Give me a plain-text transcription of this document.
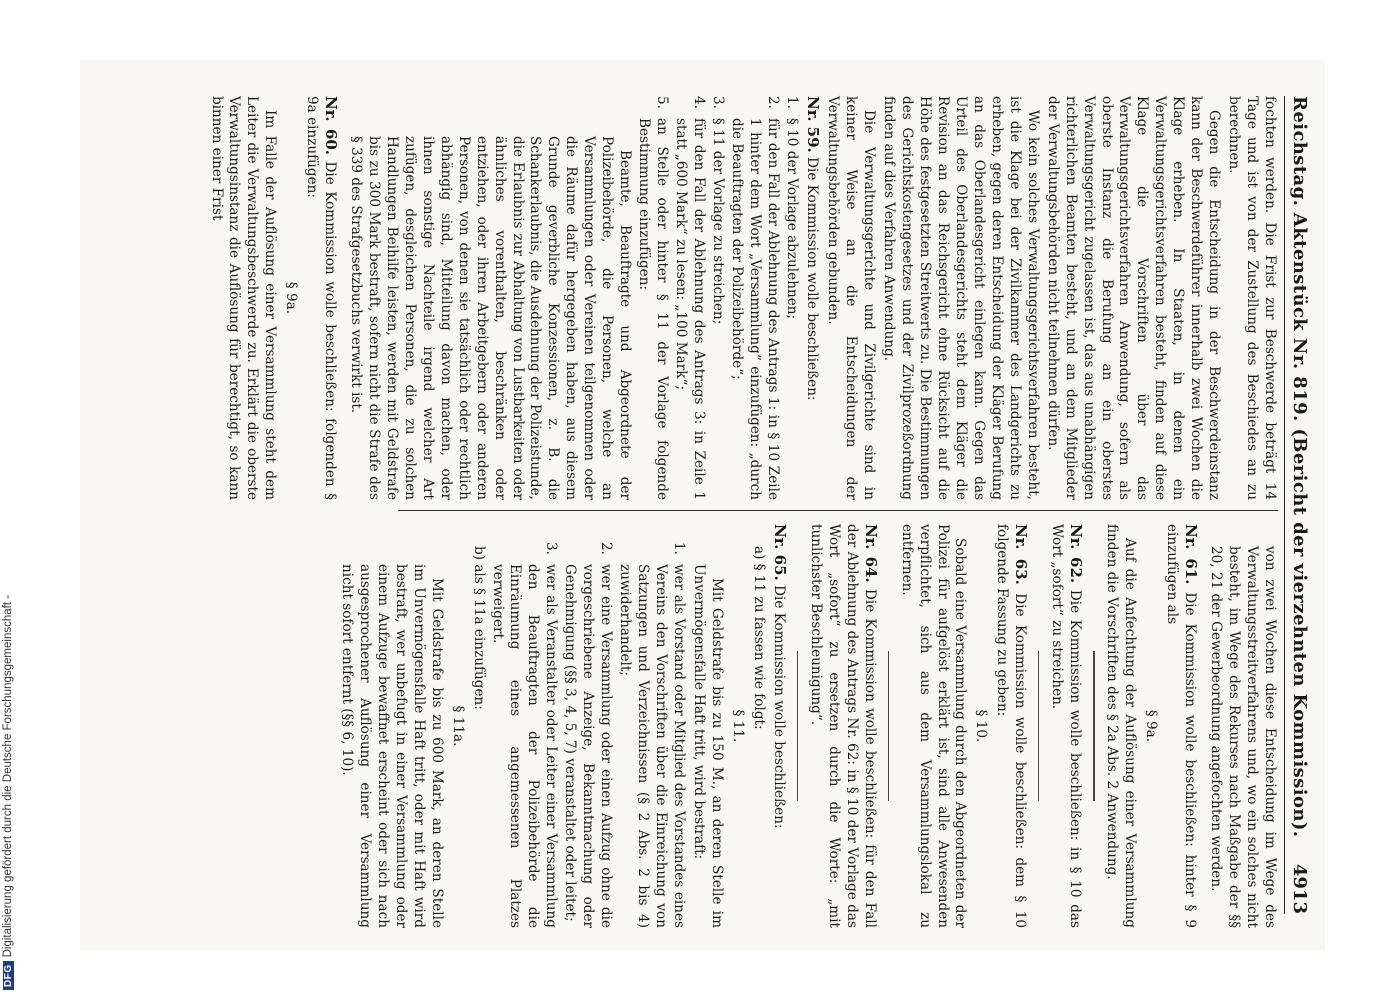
DFGDigitalisierung gefördert durch die Deutsche Forschungsgemeinschaft -	Reichstag. Aktenstück Nr. 819. (Bericht der vierzehnten Kommission).
4913

fochten werden. Die Frist zur Beschwerde beträgt 14 Tage und ist von der Zustellung des Beschiedes an zu berechnen.

Gegen die Entscheidung in der Beschwerdeinstanz kann der Beschwerdeführer innerhalb zwei Wochen die Klage erheben. In Staaten, in denen ein Verwaltungsgerichtsverfahren besteht, finden auf diese Klage die Vorschriften über das Verwaltungsgerichtsverfahren Anwendung, sofern als oberste Instanz die Berufung an ein oberstes Verwaltungsgericht zugelassen ist, das aus unabhängigen richterlichen Beamten besteht, und an dem Mitglieder der Verwaltungsbehörden nicht teilnehmen dürfen.

Wo kein solches Verwaltungsgerichtsverfahren besteht, ist die Klage bei der Zivilkammer des Landgerichts zu erheben, gegen deren Entscheidung der Kläger Berufung an das Oberlandesgericht einlegen kann. Gegen das Urteil des Oberlandesgerichts steht dem Kläger die Revision an das Reichsgericht ohne Rücksicht auf die Höhe des festgesetzten Streitwerts zu. Die Bestimmungen des Gerichtskostengesetzes und der Zivilprozeßordnung finden auf dies Verfahren Anwendung.

Die Verwaltungsgerichte und Zivilgerichte sind in keiner Weise an die Entscheidungen der Verwaltungsbehörden gebunden.

Nr. 59. Die Kommission wolle beschließen:

1.
§ 10 der Vorlage abzulehnen;
2.
für den Fall der Ablehnung des Antrags 1: in § 10 Zeile 1 hinter dem Wort „Versammlung“ einzufügen: „durch die Beauftragten der Polizeibehörde“;
3.
§ 11 der Vorlage zu streichen;
4.
für den Fall der Ablehnung des Antrags 3: in Zeile 1 statt „600 Mark“ zu lesen: „100 Mark“;
5.
an Stelle oder hinter § 11 der Vorlage folgende Bestimmung einzufügen:

Beamte, Beauftragte und Abgeordnete der Polizeibehörde, die Personen, welche an Versammlungen oder Vereinen teilgenommen oder die Räume dafür hergegeben haben, aus diesem Grunde geverbliche Konzessionen, z. B. die Schankerlaubnis, die Ausdehnung der Polizeistunde, die Erlaubnis zur Abhaltung von Lustbarkeiten oder ähnliches vorenthalten, beschränken oder entziehen, oder ihren Arbeitgebern oder anderen Personen, von denen sie tatsächlich oder rechtlich abhängig sind, Mitteilung davon machen, oder ihnen sonstige Nachteile irgend welcher Art zufügen, desgleichen Personen, die zu solchen Handlungen Beihilfe leisten, werden mit Geldstrafe bis zu 300 Mark bestraft, sofern nicht die Strafe des § 339 des Strafgesetzbuchs verwirkt ist.

Nr. 60. Die Kommission wolle beschließen: folgenden § 9a einzufügen:

§ 9a.

Im Falle der Auflösung einer Versammlung steht dem Leiter die Verwaltungsbeschwerde zu. Erklärt die oberste Verwaltungsinstanz die Auflösung für berechtigt, so kann binnen einer Frist

von zwei Wochen diese Entscheidung im Wege des Verwaltungsstreitverfahrens und, wo ein solches nicht besteht, im Wege des Rekurses nach Maßgabe der §§ 20, 21 der Gewerbeordnung angefochten werden.

Nr. 61. Die Kommission wolle beschließen: hinter § 9 einzufügen als

§ 9a.

Auf die Anfechtung der Auflösung einer Versammlung finden die Vorschriften des § 2a Abs. 2 Anwendung.

Nr. 62. Die Kommission wolle beschließen: in § 10 das Wort „sofort“ zu streichen.

Nr. 63. Die Kommission wolle beschließen: dem § 10 folgende Fassung zu geben:

§ 10.

Sobald eine Versammlung durch den Abgeordneten der Polizei für aufgelöst erklärt ist, sind alle Anwesenden verpflichtet, sich aus dem Versammlungslokal zu entfernen.

Nr. 64. Die Kommission wolle beschließen: für den Fall der Ablehnung des Antrags Nr. 62: in § 10 der Vorlage das Wort „sofort“ zu ersetzen durch die Worte: „mit tunlichster Beschleunigung“.

Nr. 65. Die Kommission wolle beschließen:

a) § 11 zu fassen wie folgt:

§ 11.

Mit Geldstrafe bis zu 150 M., an deren Stelle im Unvermögensfalle Haft tritt, wird bestraft:

1.
wer als Vorstand oder Mitglied des Vorstandes eines Vereins den Vorschriften über die Einreichung von Satzungen und Verzeichnissen (§ 2 Abs. 2 bis 4) zuwiderhandelt;
2.
wer eine Versammlung oder einen Aufzug ohne die vorgeschriebene Anzeige, Bekanntmachung oder Genehmigung (§§ 3, 4, 5, 7) veranstaltet oder leitet;
3.
wer als Veranstalter oder Leiter einer Versammlung den Beauftragten der Polizeibehörde die Einräumung eines angemessenen Platzes verweigert.

b) als § 11a einzufügen:

§ 11a.

Mit Geldstrafe bis zu 600 Mark, an deren Stelle im Unvermögensfalle Haft tritt, oder mit Haft wird bestraft, wer unbefugt in einer Versammlung oder einem Aufzuge bewaffnet erscheint oder sich nach ausgesprochener Auflösung einer Versammlung nicht sofort entfernt (§§ 6, 10).
